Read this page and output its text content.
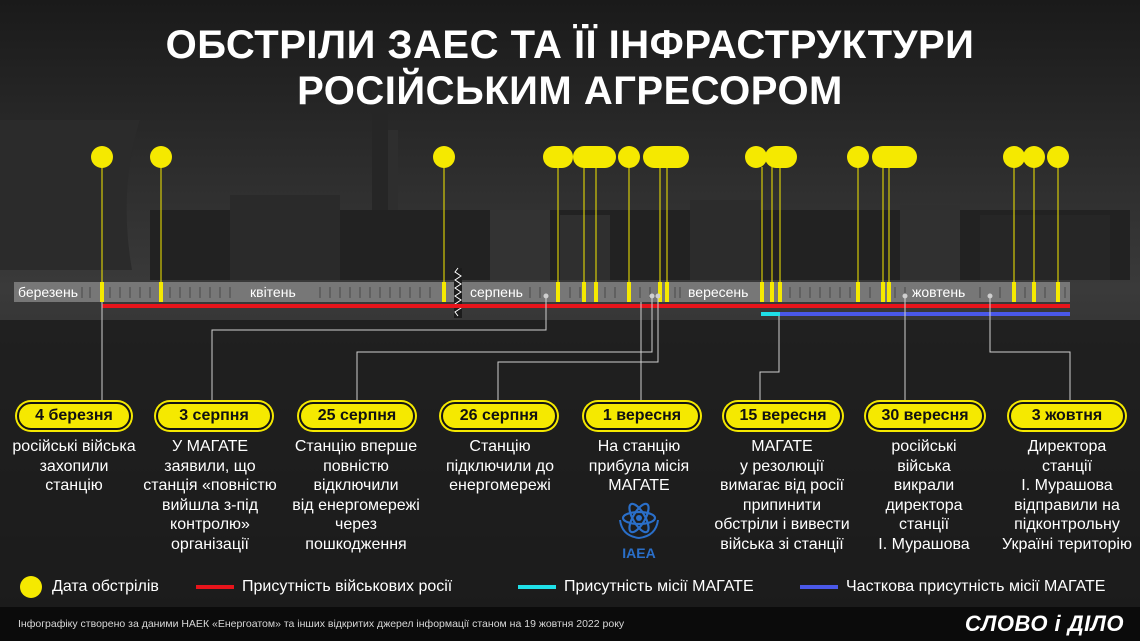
ОБСТРІЛИ ЗАЕС ТА ЇЇ ІНФРАСТРУКТУРИ
РОСІЙСЬКИМ АГРЕСОРОМ
березень	квітень	серпень	вересень	жовтень
4 березня	3 серпня	25 серпня	26 серпня	1 вересня	15 вересня	30 вересня	3 жовтня
російські війська
захопили
станцію
У МАГАТЕ
заявили, що
станція «повністю
вийшла з-під
контролю»
організації
Станцію вперше
повністю
відключили
від енергомережі
через
пошкодження
Станцію
підключили до
енергомережі
На станцію
прибула місія
МАГАТЕ
МАГАТЕ
у резолюції
вимагає від росії
припинити
обстріли і вивести
війська зі станції
російські
війська
викрали
директора
станції
І. Мурашова
Директора
станції
І. Мурашова
відправили на
підконтрольну
Україні територію
IAEA
Дата обстрілів	Присутність військових росії	Присутність місії МАГАТЕ	Часткова присутність місії МАГАТЕ
Інфографіку створено за даними НАЕК «Енергоатом» та інших відкритих джерел інформації станом на 19 жовтня 2022 року	СЛОВО і ДІЛО
